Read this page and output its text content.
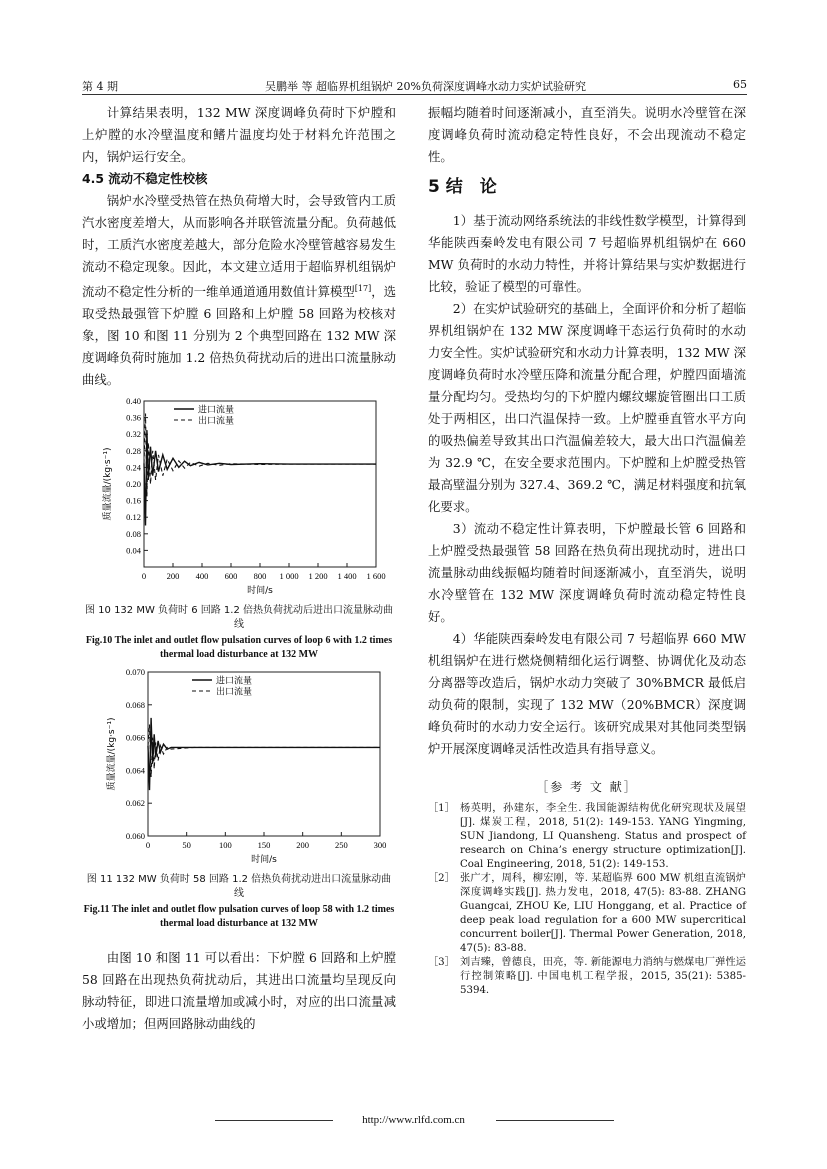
第 4 期	吴鹏举 等 超临界机组锅炉 20%负荷深度调峰水动力实炉试验研究	65

计算结果表明，132 MW 深度调峰负荷时下炉膛和上炉膛的水冷壁温度和鳍片温度均处于材料允许范围之内，锅炉运行安全。

4.5 流动不稳定性校核

锅炉水冷壁受热管在热负荷增大时，会导致管内工质汽水密度差增大，从而影响各并联管流量分配。负荷越低时，工质汽水密度差越大，部分危险水冷壁管越容易发生流动不稳定现象。因此，本文建立适用于超临界机组锅炉流动不稳定性分析的一维单通道通用数值计算模型[17]，选取受热最强管下炉膛 6 回路和上炉膛 58 回路为校核对象，图 10 和图 11 分别为 2 个典型回路在 132 MW 深度调峰负荷时施加 1.2 倍热负荷扰动后的进出口流量脉动曲线。

0.04
0.08
0.12
0.16
0.20
0.24
0.28
0.32
0.36
0.40
0 200 400 600 800 1 000 1 200 1 400 1 600
时间/s
质量流量/(kg·s⁻¹)
进口流量
出口流量
图 10 132 MW 负荷时 6 回路 1.2 倍热负荷扰动后进出口流量脉动曲线
Fig.10 The inlet and outlet flow pulsation curves of loop 6 with 1.2 times thermal load disturbance at 132 MW
0.060
0.062
0.064
0.066
0.068
0.070
0	50	100	150	200	250	300
时间/s
质量流量/(kg·s⁻¹)
进口流量
出口流量
图 11 132 MW 负荷时 58 回路 1.2 倍热负荷扰动进出口流量脉动曲线
Fig.11 The inlet and outlet flow pulsation curves of loop 58 with 1.2 times thermal load disturbance at 132 MW

由图 10 和图 11 可以看出：下炉膛 6 回路和上炉膛 58 回路在出现热负荷扰动后，其进出口流量均呈现反向脉动特征，即进口流量增加或减小时，对应的出口流量减小或增加；但两回路脉动曲线的

振幅均随着时间逐渐减小，直至消失。说明水冷壁管在深度调峰负荷时流动稳定特性良好，不会出现流动不稳定性。

5 结　论

1）基于流动网络系统法的非线性数学模型，计算得到华能陕西秦岭发电有限公司 7 号超临界机组锅炉在 660 MW 负荷时的水动力特性，并将计算结果与实炉数据进行比较，验证了模型的可靠性。

2）在实炉试验研究的基础上，全面评价和分析了超临界机组锅炉在 132 MW 深度调峰干态运行负荷时的水动力安全性。实炉试验研究和水动力计算表明，132 MW 深度调峰负荷时水冷壁压降和流量分配合理，炉膛四面墙流量分配均匀。受热均匀的下炉膛内螺纹螺旋管圈出口工质处于两相区，出口汽温保持一致。上炉膛垂直管水平方向的吸热偏差导致其出口汽温偏差较大，最大出口汽温偏差为 32.9 ℃，在安全要求范围内。下炉膛和上炉膛受热管最高壁温分别为 327.4、369.2 ℃，满足材料强度和抗氧化要求。

3）流动不稳定性计算表明，下炉膛最长管 6 回路和上炉膛受热最强管 58 回路在热负荷出现扰动时，进出口流量脉动曲线振幅均随着时间逐渐减小，直至消失，说明水冷壁管在 132 MW 深度调峰负荷时流动稳定特性良好。

4）华能陕西秦岭发电有限公司 7 号超临界 660 MW 机组锅炉在进行燃烧侧精细化运行调整、协调优化及动态分离器等改造后，锅炉水动力突破了 30%BMCR 最低启动负荷的限制，实现了 132 MW（20%BMCR）深度调峰负荷时的水动力安全运行。该研究成果对其他同类型锅炉开展深度调峰灵活性改造具有指导意义。

［参 考 文 献］
［1］ 杨英明，孙建东，李全生. 我国能源结构优化研究现状及展望[J]. 煤炭工程，2018, 51(2): 149-153. YANG Yingming, SUN Jiandong, LI Quansheng. Status and prospect of research on China’s energy structure optimization[J]. Coal Engineering, 2018, 51(2): 149-153.
［2］ 张广才，周科，柳宏刚，等. 某超临界 600 MW 机组直流锅炉深度调峰实践[J]. 热力发电，2018, 47(5): 83-88. ZHANG Guangcai, ZHOU Ke, LIU Honggang, et al. Practice of deep peak load regulation for a 600 MW supercritical concurrent boiler[J]. Thermal Power Generation, 2018, 47(5): 83-88.
［3］ 刘吉臻，曾德良，田亮，等. 新能源电力消纳与燃煤电厂弹性运行控制策略[J]. 中国电机工程学报，2015, 35(21): 5385-5394.
http://www.rlfd.com.cn
